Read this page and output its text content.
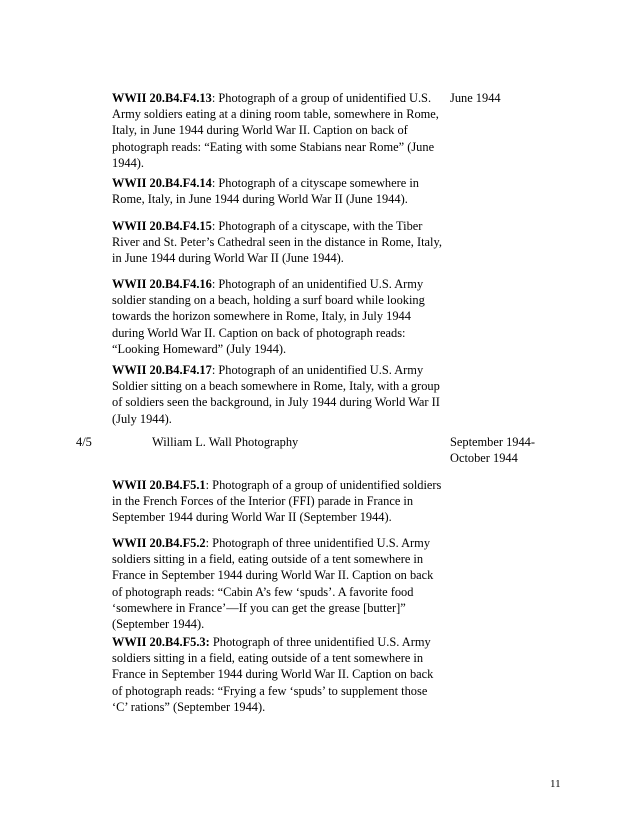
June 1944

WWII 20.B4.F4.13: Photograph of a group of unidentified U.S. Army soldiers eating at a dining room table, somewhere in Rome, Italy, in June 1944 during World War II. Caption on back of photograph reads: “Eating with some Stabians near Rome” (June 1944).

WWII 20.B4.F4.14: Photograph of a cityscape somewhere in Rome, Italy, in June 1944 during World War II (June 1944).

WWII 20.B4.F4.15: Photograph of a cityscape, with the Tiber River and St. Peter’s Cathedral seen in the distance in Rome, Italy, in June 1944 during World War II (June 1944).

WWII 20.B4.F4.16: Photograph of an unidentified U.S. Army soldier standing on a beach, holding a surf board while looking towards the horizon somewhere in Rome, Italy, in July 1944 during World War II. Caption on back of photograph reads: “Looking Homeward” (July 1944).

WWII 20.B4.F4.17: Photograph of an unidentified U.S. Army Soldier sitting on a beach somewhere in Rome, Italy, with a group of soldiers seen the background, in July 1944 during World War II (July 1944).

4/5	William L. Wall Photography	September 1944-
October 1944

WWII 20.B4.F5.1: Photograph of a group of unidentified soldiers in the French Forces of the Interior (FFI) parade in France in September 1944 during World War II (September 1944).

WWII 20.B4.F5.2: Photograph of three unidentified U.S. Army soldiers sitting in a field, eating outside of a tent somewhere in France in September 1944 during World War II. Caption on back of photograph reads: “Cabin A’s few ‘spuds’. A favorite food ‘somewhere in France’—If you can get the grease [butter]” (September 1944).

WWII 20.B4.F5.3: Photograph of three unidentified U.S. Army soldiers sitting in a field, eating outside of a tent somewhere in France in September 1944 during World War II. Caption on back of photograph reads: “Frying a few ‘spuds’ to supplement those ‘C’ rations” (September 1944).

11
